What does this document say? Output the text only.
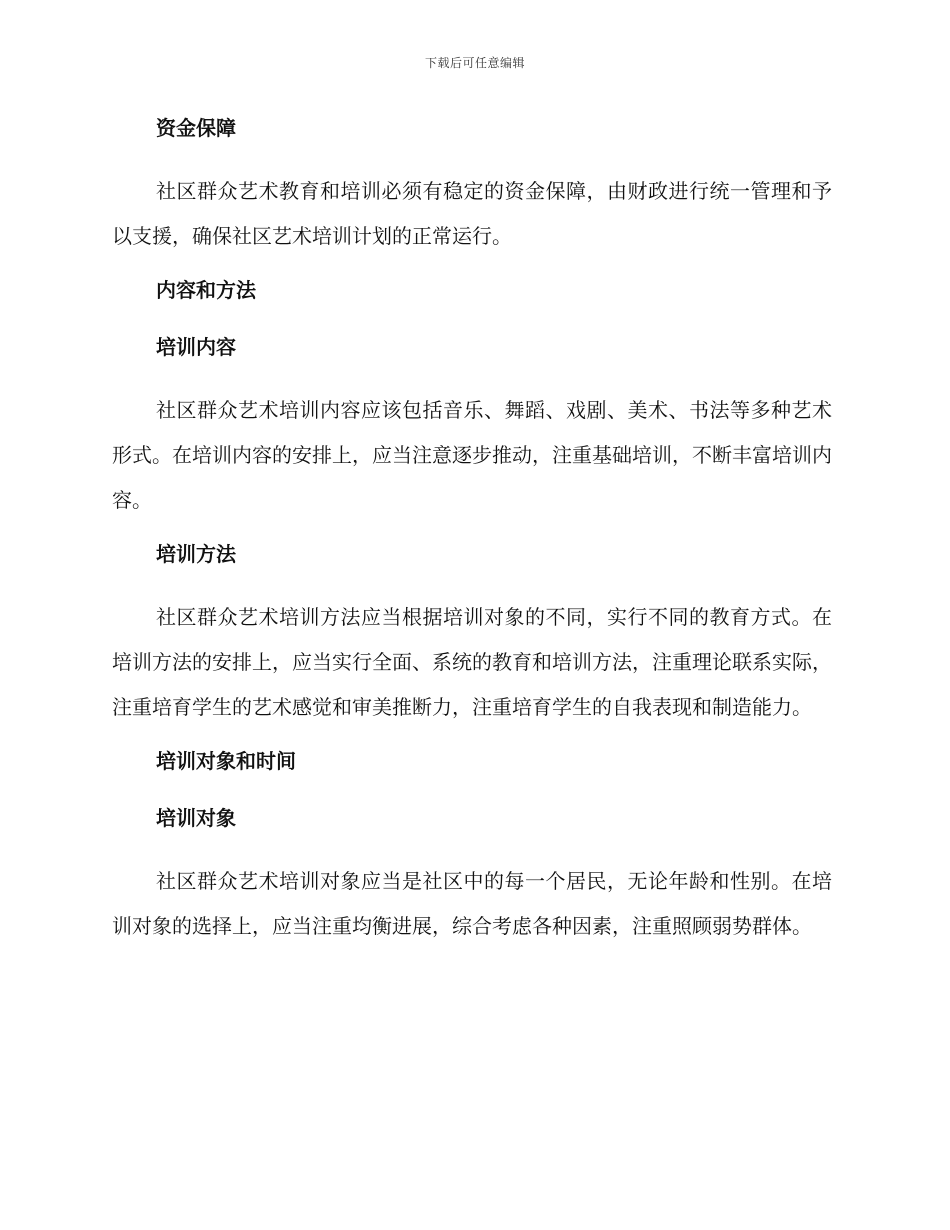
下载后可任意编辑
资金保障
社区群众艺术教育和培训必须有稳定的资金保障，由财政进行统一管理和予以支援，确保社区艺术培训计划的正常运行。
内容和方法
培训内容
社区群众艺术培训内容应该包括音乐、舞蹈、戏剧、美术、书法等多种艺术形式。在培训内容的安排上，应当注意逐步推动，注重基础培训，不断丰富培训内容。
培训方法
社区群众艺术培训方法应当根据培训对象的不同，实行不同的教育方式。在培训方法的安排上，应当实行全面、系统的教育和培训方法，注重理论联系实际，注重培育学生的艺术感觉和审美推断力，注重培育学生的自我表现和制造能力。
培训对象和时间
培训对象
社区群众艺术培训对象应当是社区中的每一个居民，无论年龄和性别。在培训对象的选择上，应当注重均衡进展，综合考虑各种因素，注重照顾弱势群体。
